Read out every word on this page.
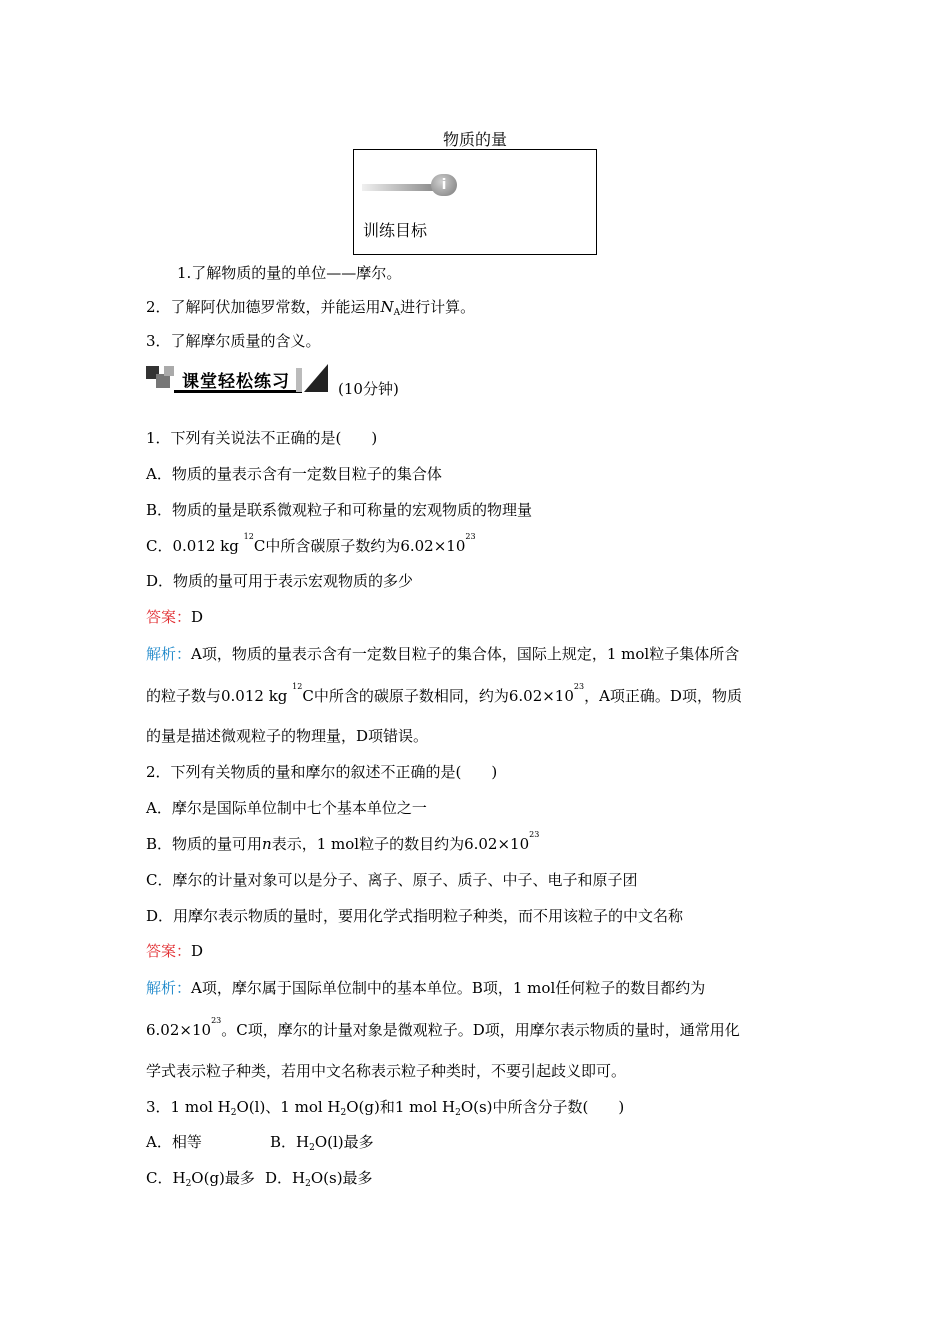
物质的量
i
训练目标
1.了解物质的量的单位——摩尔。
2．了解阿伏加德罗常数，并能运用$N_A$进行计算。
3．了解摩尔质量的含义。
课堂轻松练习	(10分钟)
1．下列有关说法不正确的是(　　)
A．物质的量表示含有一定数目粒子的集合体
B．物质的量是联系微观粒子和可称量的宏观物质的物理量
C．0.012 kg $^{12}$C中所含碳原子数约为$6.02\times 10^{23}$
D．物质的量可用于表示宏观物质的多少
答案：D
解析：A项，物质的量表示含有一定数目粒子的集合体，国际上规定，1 mol粒子集体所含
的粒子数与0.012 kg $^{12}$C中所含的碳原子数相同，约为$6.02\times 10^{23}$，A项正确。D项，物质
的量是描述微观粒子的物理量，D项错误。
2．下列有关物质的量和摩尔的叙述不正确的是(　　)
A．摩尔是国际单位制中七个基本单位之一
B．物质的量可用n表示，1 mol粒子的数目约为$6.02\times 10^{23}$
C．摩尔的计量对象可以是分子、离子、原子、质子、中子、电子和原子团
D．用摩尔表示物质的量时，要用化学式指明粒子种类，而不用该粒子的中文名称
答案：D
解析：A项，摩尔属于国际单位制中的基本单位。B项，1 mol任何粒子的数目都约为
$6.02\times 10^{23}$。C项，摩尔的计量对象是微观粒子。D项，用摩尔表示物质的量时，通常用化
学式表示粒子种类，若用中文名称表示粒子种类时，不要引起歧义即可。
3．1 mol $H_2O(l)$、1 mol $H_2O(g)$和1 mol $H_2O(s)$中所含分子数(　　)
A．相等	B．$H_2O(l)$最多
C．$H_2O(g)$最多 D．$H_2O(s)$最多
